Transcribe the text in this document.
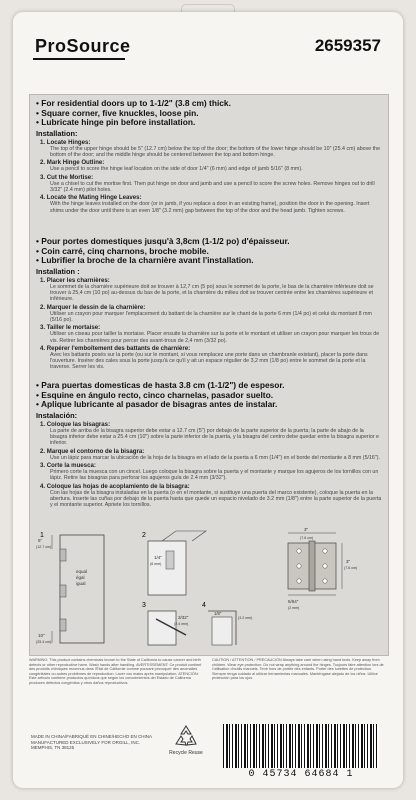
ProSource	2659357

• For residential doors up to 1-1/2" (3.8 cm) thick.

• Square corner, five knuckles, loose pin.

• Lubricate hinge pin before installation.

Installation:

1. Locate Hinges:

The top of the upper hinge should be 5" (12.7 cm) below the top of the door; the bottom of the lower hinge should be 10" (25.4 cm) above the bottom of the door; and the middle hinge should be centered between the top and bottom hinge.

2. Mark Hinge Outline:

Use a pencil to score the hinge leaf location on the side of door 1/4" (6 mm) and edge of jamb 5/16" (8 mm).

3. Cut the Mortise:

Use a chisel to cut the mortise first. Then put hinge on door and jamb and use a pencil to score the screw holes. Remove hinges out to drill 3/32" (2.4 mm) pilot holes.

4. Locate the Mating Hinge Leaves:

With the hinge leaves installed on the door (or in jamb, if you replace a door in an existing frame), position the door in the opening. Insert shims under the door until there is an even 1/8" (3.2 mm) gap between the top of the door and the head jamb. Tighten screws.

• Pour portes domestiques jusqu'à 3,8cm (1-1/2 po) d'épaisseur.

• Coin carré, cinq charnons, broche mobile.

• Lubrifier la broche de la charnière avant l'installation.

Installation :

1. Placer les charnières:

Le sommet de la charnière supérieure doit se trouver à 12,7 cm (5 po) sous le sommet de la porte, le bas de la charnière inférieure doit se trouver à 25,4 cm (10 po) au-dessus du bas de la porte, et la charnière du milieu doit se trouver centrée entre les charnières supérieure et inférieure.

2. Marquer le dessin de la charnière:

Utiliser un crayon pour marquer l'emplacement du battant de la charnière sur le chant de la porte 6 mm (1/4 po) et celui du montant 8 mm (5/16 po).

3. Tailler le mortaise:

Utiliser un ciseau pour tailler la mortaise. Placer ensuite la charnière sur la porte et le montant et utiliser un crayon pour marquer les trous de vis. Retirer les charnières pour percer des avant-trous de 2,4 mm (3/32 po).

4. Repérer l'emboîtement des battants de charnière:

Avec les battants posés sur la porte (ou sur le montant, si vous remplacez une porte dans un chambranle existant), placer la porte dans l'ouverture. Insérer des cales sous la porte jusqu'à ce qu'il y ait un espace régulier de 3,2 mm (1/8 po) entre le sommet de la porte et la traverse. Serrer les vis.

• Para puertas domesticas de hasta 3.8 cm (1-1/2") de espesor.

• Esquine en ángulo recto, cinco charnelas, pasador suelto.

• Aplique lubricante al pasador de bisagras antes de instalar.

Instalación:

1. Coloque las bisagras:

La parte de arriba de la bisagra superior debe estar a 12.7 cm (5") por debajo de la parte superior de la puerta; la parte de abajo de la bisagra inferior debe estar a 25.4 cm (10") sobre la parte inferior de la puerta, y la bisagra del centro debe quedar entre la bisagra superior e inferior.

2. Marque el contorno de la bisagra:

Use un lápiz para marcar la ubicación de la hoja de la bisagra en el lado de la puerta a 6 mm (1/4") en el borde del montante a 8 mm (5/16").

3. Corte la muesca:

Primero corte la muesca con un cincel. Luego coloque la bisagra sobre la puerta y el montante y marque los agujeros de los tornillos con un lápiz. Retire las bisagras para perforar los agujeros guía de 2.4 mm (3/32").

4. Coloque las hojas de acoplamiento de la bisagra:

Con las hojas de la bisagra instaladas en la puerta (o en el montante, si sustituye una puerta del marco existente), coloque la puerta en la abertura. Inserte las cuñas por debajo de la puerta hasta que quede un espacio nivelado de 3.2 mm (1/8") entre la parte superior de la puerta y el montante superior. Apriete los tornillos.

1
5"
(12.7 cm)
equal
égal
igual
10"
(25.4 cm)
2
1/4"
(6 mm)
3
3/32"
(2.4 mm)
4
1/8"
(3.2 mm)
3"
(7.6 cm)
3"
(7.6 cm)
5/64"
(2 mm)
WARNING: This product contains chemicals known to the State of California to cause cancer and birth defects or other reproductive harm. Wash hands after handling. AVERTISSEMENT: Ce produit contient des produits chimiques reconnus dans l'État de Californie comme pouvant provoquer des anomalies congénitales ou autres problèmes de reproduction. Laver vos mains après manipulation. ATENCIÓN: Este artículo contiene productos químicos que según los conocimientos del Estado de California producen defectos congénitos y otros daños reproductivos.
CAUTION / ATTENTION / PRECAUCIÓN Always take care when using hand tools. Keep away from children. Wear eye protection. Do not wrap anything around the hinges. Toujours faire attention lors de l'utilisation d'outils manuels. Tenir hors de portée des enfants. Porter des lunettes de protection. Siempre tenga cuidado al utilizar herramientas manuales. Manténgase alejado de los niños. Utilice protección para los ojos.
MADE IN CHINA/FABRIQUÉ EN CHINE/HECHO EN CHINA MANUFACTURED EXCLUSIVELY FOR ORGILL, INC. MEMPHIS, TN 38125
Recycle Reuse
0 45734 64684 1
